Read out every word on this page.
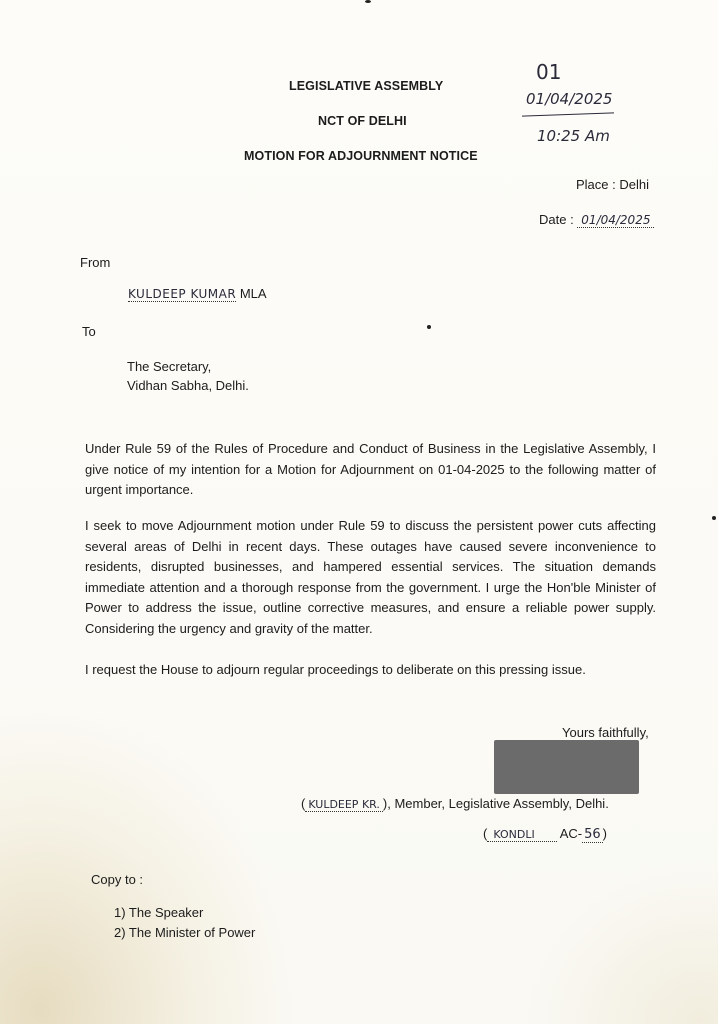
LEGISLATIVE ASSEMBLY
NCT OF DELHI
MOTION FOR ADJOURNMENT NOTICE
01
01/04/2025
10:25 Am
Place : Delhi
Date : 01/04/2025
From
KULDEEP KUMAR MLA
To
The Secretary,
Vidhan Sabha, Delhi.
Under Rule 59 of the Rules of Procedure and Conduct of Business in the Legislative Assembly, I give notice of my intention for a Motion for Adjournment on 01-04-2025 to the following matter of urgent importance.
I seek to move Adjournment motion under Rule 59 to discuss the persistent power cuts affecting several areas of Delhi in recent days. These outages have caused severe inconvenience to residents, disrupted businesses, and hampered essential services. The situation demands immediate attention and a thorough response from the government. I urge the Hon'ble Minister of Power to address the issue, outline corrective measures, and ensure a reliable power supply. Considering the urgency and gravity of the matter.
I request the House to adjourn regular proceedings to deliberate on this pressing issue.
Yours faithfully,
( KULDEEP KR. ), Member, Legislative Assembly, Delhi.
( KONDLI AC- 56 )
Copy to :
1) The Speaker
2) The Minister of Power
